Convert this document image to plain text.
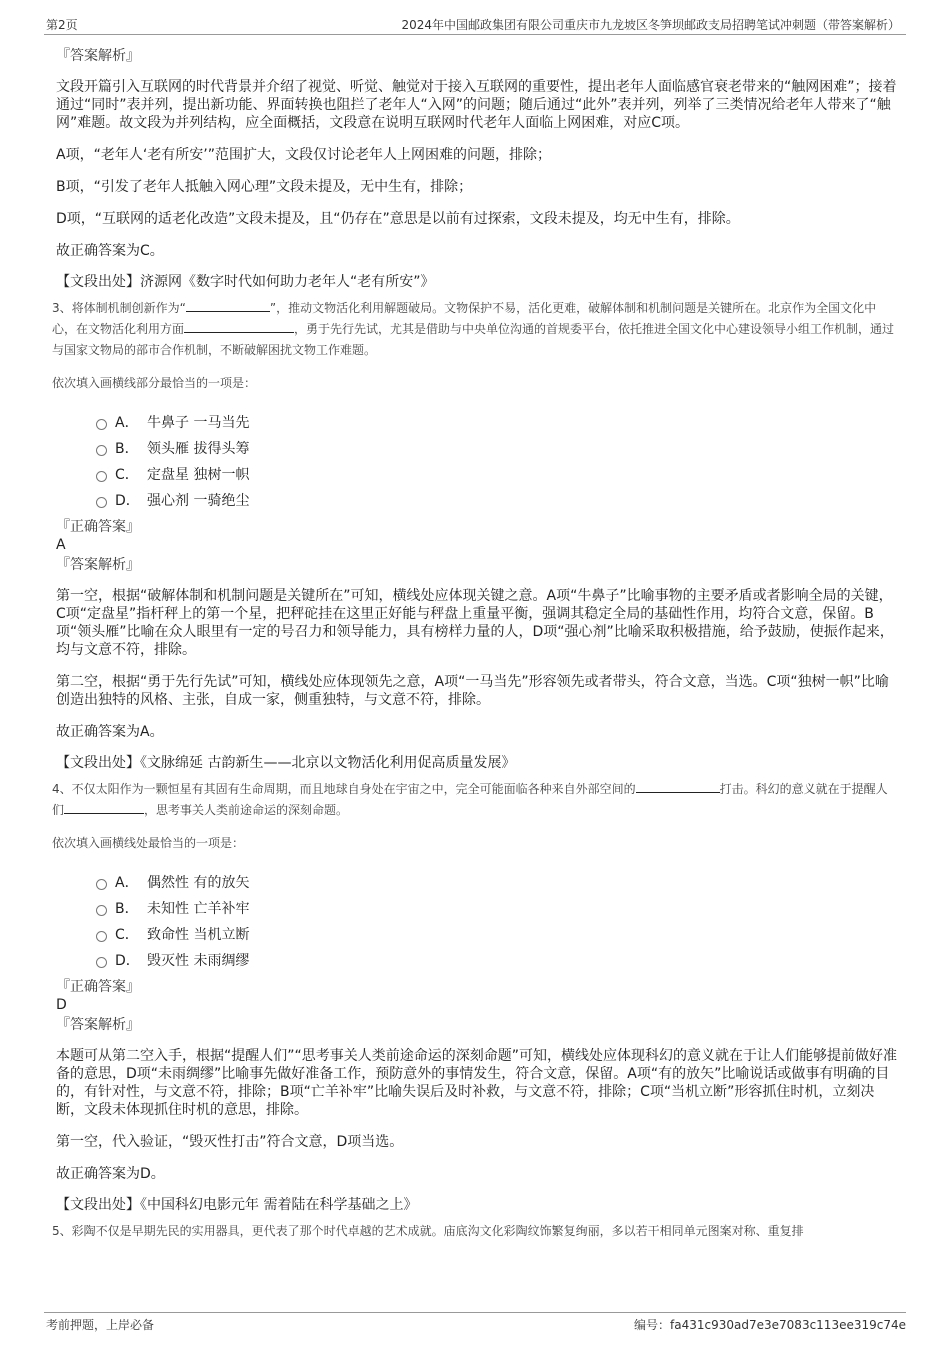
第2页	2024年中国邮政集团有限公司重庆市九龙坡区冬笋坝邮政支局招聘笔试冲刺题（带答案解析）
『答案解析』

文段开篇引入互联网的时代背景并介绍了视觉、听觉、触觉对于接入互联网的重要性，提出老年人面临感官衰老带来的“触网困难”；接着通过“同时”表并列，提出新功能、界面转换也阻拦了老年人“入网”的问题；随后通过“此外”表并列，列举了三类情况给老年人带来了“触网”难题。故文段为并列结构，应全面概括，文段意在说明互联网时代老年人面临上网困难，对应C项。

A项，“老年人‘老有所安’”范围扩大，文段仅讨论老年人上网困难的问题，排除；

B项，“引发了老年人抵触入网心理”文段未提及，无中生有，排除；

D项，“互联网的适老化改造”文段未提及，且“仍存在”意思是以前有过探索，文段未提及，均无中生有，排除。

故正确答案为C。

【文段出处】济源网《数字时代如何助力老年人“老有所安”》
3、将体制机制创新作为“	”，推动文物活化利用解题破局。文物保护不易，活化更难，破解体制和机制问题是关键所在。北京作为全国文化中心，在文物活化利用方面	，勇于先行先试，尤其是借助与中央单位沟通的首规委平台，依托推进全国文化中心建设领导小组工作机制，通过与国家文物局的部市合作机制，不断破解困扰文物工作难题。
依次填入画横线部分最恰当的一项是：
A． 牛鼻子 一马当先
B． 领头雁 拔得头筹
C． 定盘星 独树一帜
D． 强心剂 一骑绝尘
『正确答案』
A
『答案解析』

第一空，根据“破解体制和机制问题是关键所在”可知，横线处应体现关键之意。A项“牛鼻子”比喻事物的主要矛盾或者影响全局的关键，C项“定盘星”指杆秤上的第一个星，把秤砣挂在这里正好能与秤盘上重量平衡，强调其稳定全局的基础性作用，均符合文意，保留。B项“领头雁”比喻在众人眼里有一定的号召力和领导能力，具有榜样力量的人，D项“强心剂”比喻采取积极措施，给予鼓励，使振作起来，均与文意不符，排除。

第二空，根据“勇于先行先试”可知，横线处应体现领先之意，A项“一马当先”形容领先或者带头，符合文意，当选。C项“独树一帜”比喻创造出独特的风格、主张，自成一家，侧重独特，与文意不符，排除。

故正确答案为A。

【文段出处】《文脉绵延 古韵新生——北京以文物活化利用促高质量发展》
4、不仅太阳作为一颗恒星有其固有生命周期，而且地球自身处在宇宙之中，完全可能面临各种来自外部空间的	打击。科幻的意义就在于提醒人们	，思考事关人类前途命运的深刻命题。
依次填入画横线处最恰当的一项是：
A． 偶然性 有的放矢
B． 未知性 亡羊补牢
C． 致命性 当机立断
D． 毁灭性 未雨绸缪
『正确答案』
D
『答案解析』

本题可从第二空入手，根据“提醒人们”“思考事关人类前途命运的深刻命题”可知，横线处应体现科幻的意义就在于让人们能够提前做好准备的意思，D项“未雨绸缪”比喻事先做好准备工作，预防意外的事情发生，符合文意，保留。A项“有的放矢”比喻说话或做事有明确的目的，有针对性，与文意不符，排除；B项“亡羊补牢”比喻失误后及时补救，与文意不符，排除；C项“当机立断”形容抓住时机，立刻决断，文段未体现抓住时机的意思，排除。

第一空，代入验证，“毁灭性打击”符合文意，D项当选。

故正确答案为D。

【文段出处】《中国科幻电影元年 需着陆在科学基础之上》
5、彩陶不仅是早期先民的实用器具，更代表了那个时代卓越的艺术成就。庙底沟文化彩陶纹饰繁复绚丽，多以若干相同单元图案对称、重复排
考前押题，上岸必备	编号：fa431c930ad7e3e7083c113ee319c74e
